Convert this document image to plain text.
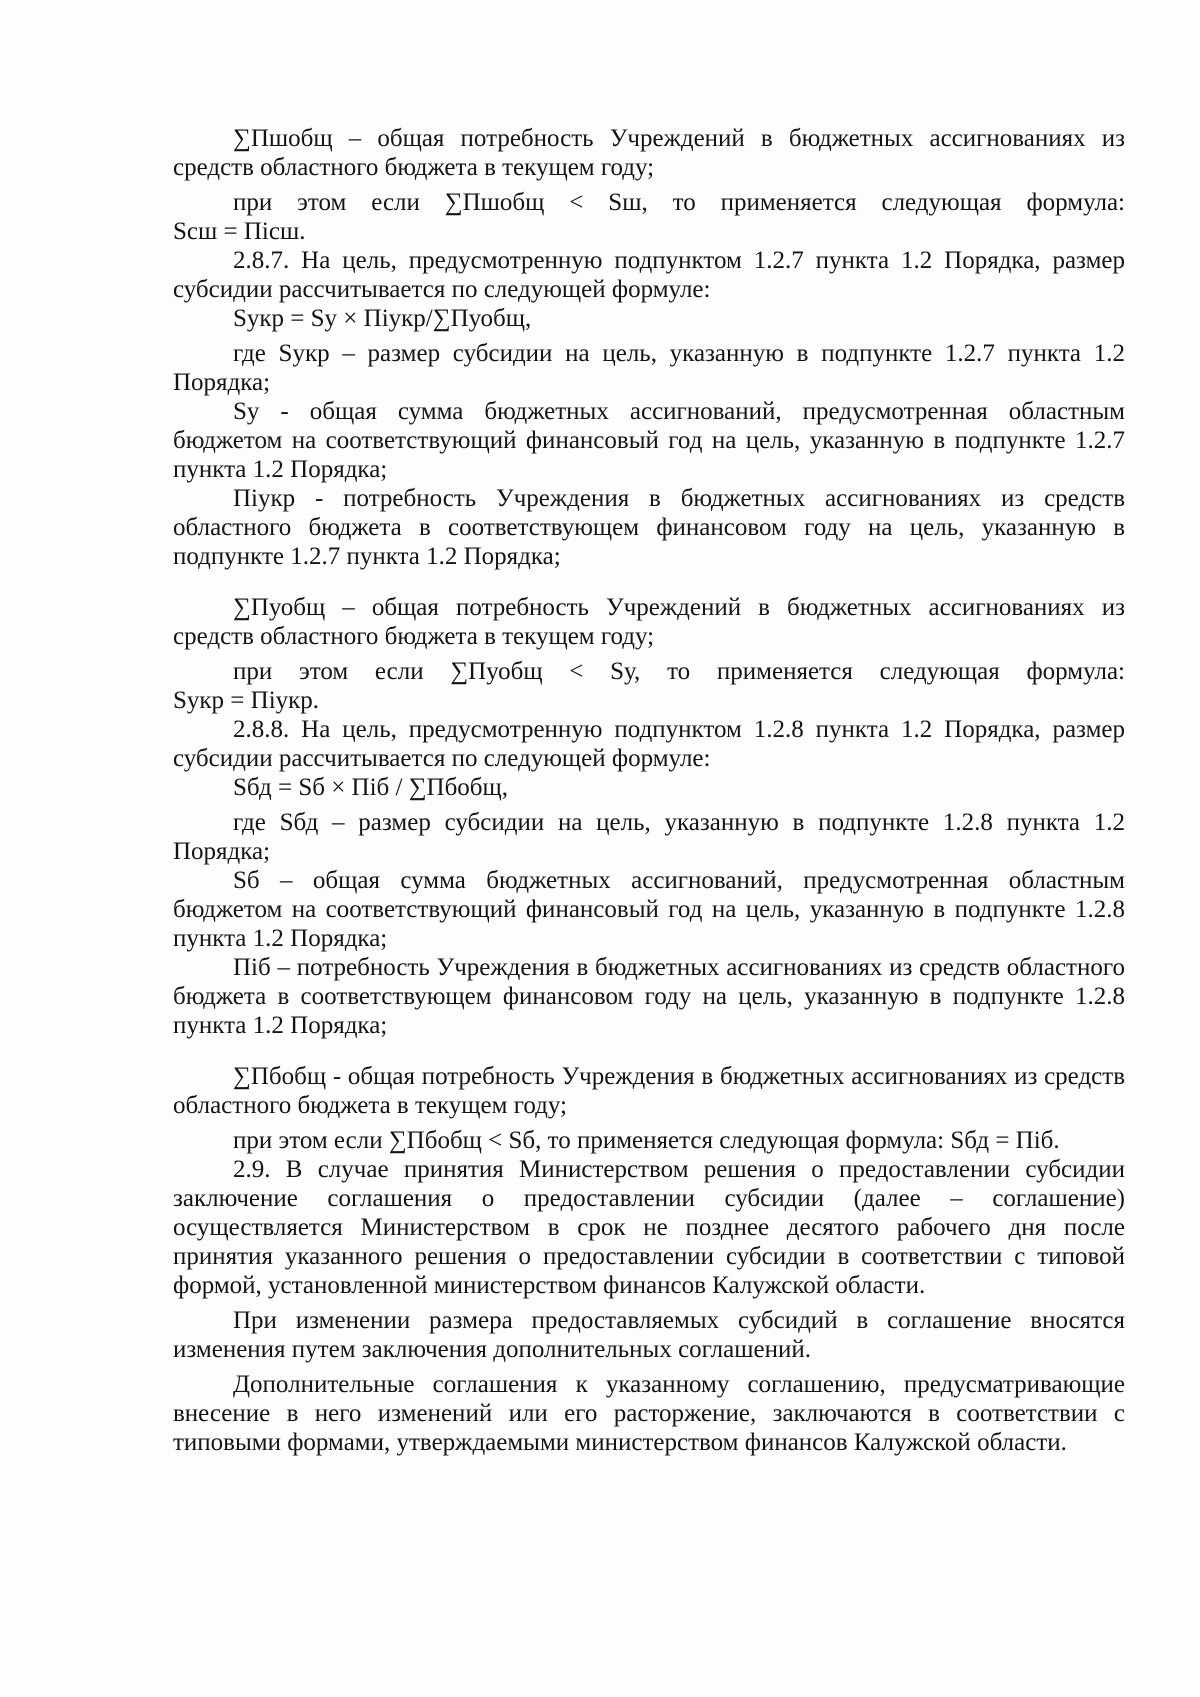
∑Пшобщ – общая потребность Учреждений в бюджетных ассигнованиях из средств областного бюджета в текущем году;

при этом если ∑Пшобщ < Sш, то применяется следующая формула:

Sсш = Пiсш.

2.8.7. На цель, предусмотренную подпунктом 1.2.7 пункта 1.2 Порядка, размер субсидии рассчитывается по следующей формуле:

Sукр = Sу × Пiукр/∑Пуобщ,

где Sукр – размер субсидии на цель, указанную в подпункте 1.2.7 пункта 1.2 Порядка;

Sу - общая сумма бюджетных ассигнований, предусмотренная областным бюджетом на соответствующий финансовый год на цель, указанную в подпункте 1.2.7 пункта 1.2 Порядка;

Пiукр - потребность Учреждения в бюджетных ассигнованиях из средств областного бюджета в соответствующем финансовом году на цель, указанную в подпункте 1.2.7 пункта 1.2 Порядка;

∑Пуобщ – общая потребность Учреждений в бюджетных ассигнованиях из средств областного бюджета в текущем году;

при этом если ∑Пуобщ < Sу, то применяется следующая формула:

Sукр = Пiукр.

2.8.8. На цель, предусмотренную подпунктом 1.2.8 пункта 1.2 Порядка, размер субсидии рассчитывается по следующей формуле:

Sбд = Sб × Пiб / ∑Пбобщ,

где Sбд – размер субсидии на цель, указанную в подпункте 1.2.8 пункта 1.2 Порядка;

Sб – общая сумма бюджетных ассигнований, предусмотренная областным бюджетом на соответствующий финансовый год на цель, указанную в подпункте 1.2.8 пункта 1.2 Порядка;

Пiб – потребность Учреждения в бюджетных ассигнованиях из средств областного бюджета в соответствующем финансовом году на цель, указанную в подпункте 1.2.8 пункта 1.2 Порядка;

∑Пбобщ - общая потребность Учреждения в бюджетных ассигнованиях из средств областного бюджета в текущем году;

при этом если ∑Пбобщ < Sб, то применяется следующая формула: Sбд = Пiб.

2.9. В случае принятия Министерством решения о предоставлении субсидии заключение соглашения о предоставлении субсидии (далее – соглашение) осуществляется Министерством в срок не позднее десятого рабочего дня после принятия указанного решения о предоставлении субсидии в соответствии с типовой формой, установленной министерством финансов Калужской области.

При изменении размера предоставляемых субсидий в соглашение вносятся изменения путем заключения дополнительных соглашений.

Дополнительные соглашения к указанному соглашению, предусматривающие внесение в него изменений или его расторжение, заключаются в соответствии с типовыми формами, утверждаемыми министерством финансов Калужской области.
